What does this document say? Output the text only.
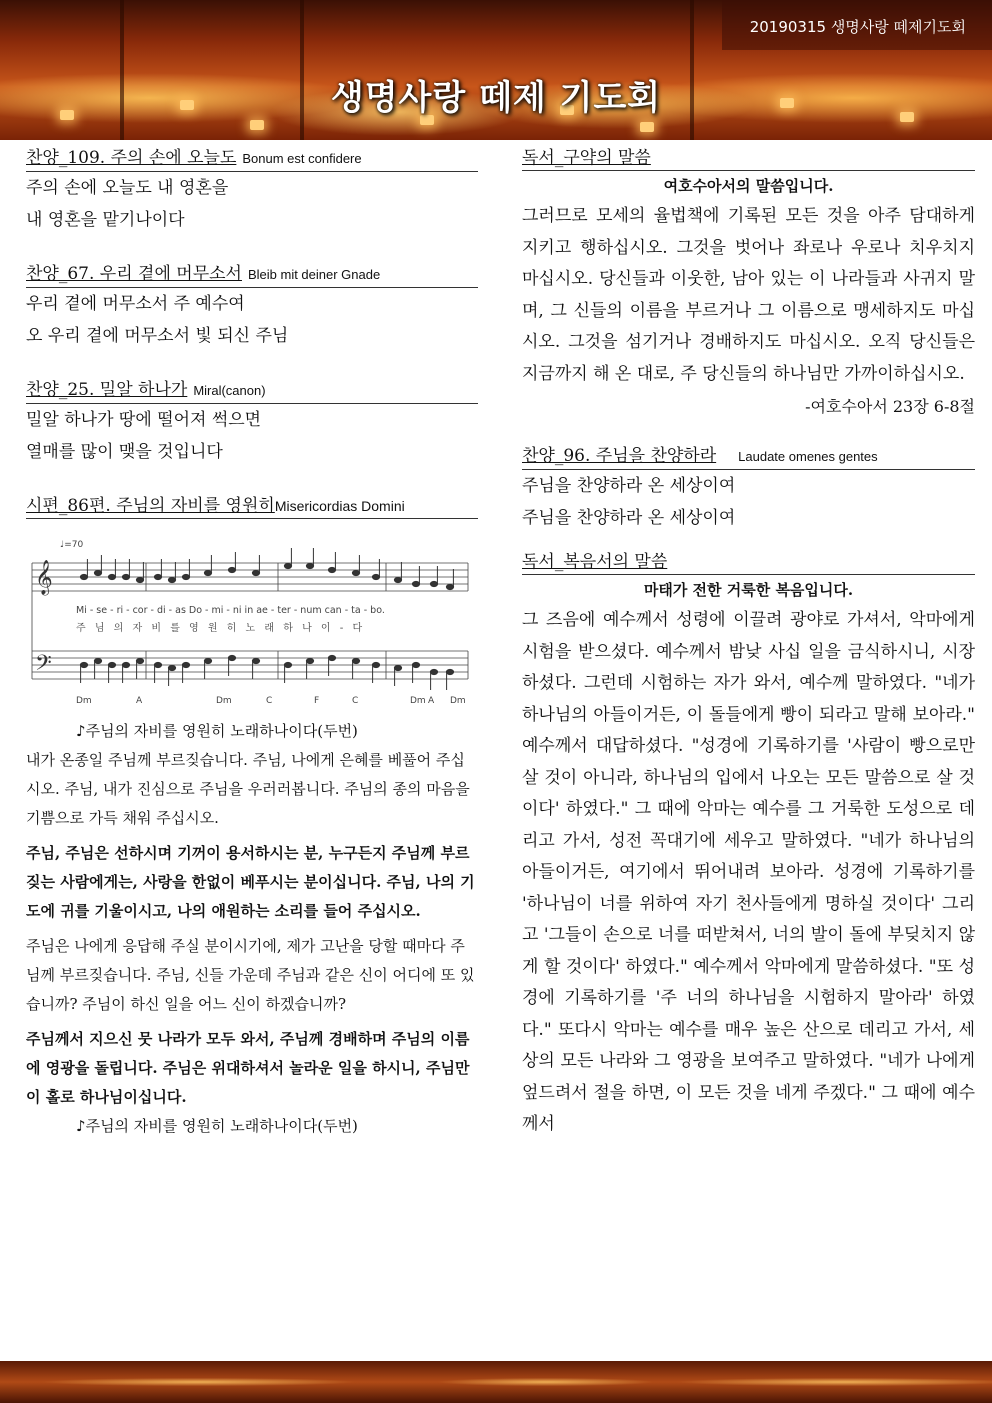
20190315 생명사랑 떼제기도회
생명사랑 떼제 기도회
찬양_109. 주의 손에 오늘도 Bonum est confidere
주의 손에 오늘도 내 영혼을
내 영혼을 맡기나이다
찬양_67. 우리 곁에 머무소서 Bleib mit deiner Gnade
우리 곁에 머무소서 주 예수여
오 우리 곁에 머무소서 빛 되신 주님
찬양_25. 밀알 하나가 Miral(canon)
밀알 하나가 땅에 떨어져 썩으면
열매를 많이 맺을 것입니다
시편_86편. 주님의 자비를 영원히Misericordias Domini
♩=70
𝄞
𝄢
Mi - se - ri - cor - di - as Do - mi - ni in ae - ter - num can - ta - bo.
주 님 의 자 비 를 영 원 히 노 래 하 나 이 - 다
Dm	A	Dm	C	F	C	Dm A Dm

♪주님의 자비를 영원히 노래하나이다(두번)

내가 온종일 주님께 부르짖습니다. 주님, 나에게 은혜를 베풀어 주십시오. 주님, 내가 진심으로 주님을 우러러봅니다. 주님의 종의 마음을 기쁨으로 가득 채워 주십시오.

주님, 주님은 선하시며 기꺼이 용서하시는 분, 누구든지 주님께 부르짖는 사람에게는, 사랑을 한없이 베푸시는 분이십니다. 주님, 나의 기도에 귀를 기울이시고, 나의 애원하는 소리를 들어 주십시오.

주님은 나에게 응답해 주실 분이시기에, 제가 고난을 당할 때마다 주님께 부르짖습니다. 주님, 신들 가운데 주님과 같은 신이 어디에 또 있습니까? 주님이 하신 일을 어느 신이 하겠습니까?

주님께서 지으신 뭇 나라가 모두 와서, 주님께 경배하며 주님의 이름에 영광을 돌립니다. 주님은 위대하셔서 놀라운 일을 하시니, 주님만이 홀로 하나님이십니다.

♪주님의 자비를 영원히 노래하나이다(두번)

독서_구약의 말씀
여호수아서의 말씀입니다.

그러므로 모세의 율법책에 기록된 모든 것을 아주 담대하게 지키고 행하십시오. 그것을 벗어나 좌로나 우로나 치우치지 마십시오. 당신들과 이웃한, 남아 있는 이 나라들과 사귀지 말며, 그 신들의 이름을 부르거나 그 이름으로 맹세하지도 마십시오. 그것을 섬기거나 경배하지도 마십시오. 오직 당신들은 지금까지 해 온 대로, 주 당신들의 하나님만 가까이하십시오.

-여호수아서 23장 6-8절
찬양_96. 주님을 찬양하라 Laudate omenes gentes
주님을 찬양하라 온 세상이여
주님을 찬양하라 온 세상이여
독서_복음서의 말씀
마태가 전한 거룩한 복음입니다.

그 즈음에 예수께서 성령에 이끌려 광야로 가셔서, 악마에게 시험을 받으셨다. 예수께서 밤낮 사십 일을 금식하시니, 시장하셨다. 그런데 시험하는 자가 와서, 예수께 말하였다. "네가 하나님의 아들이거든, 이 돌들에게 빵이 되라고 말해 보아라." 예수께서 대답하셨다. "성경에 기록하기를 '사람이 빵으로만 살 것이 아니라, 하나님의 입에서 나오는 모든 말씀으로 살 것이다' 하였다." 그 때에 악마는 예수를 그 거룩한 도성으로 데리고 가서, 성전 꼭대기에 세우고 말하였다. "네가 하나님의 아들이거든, 여기에서 뛰어내려 보아라. 성경에 기록하기를 '하나님이 너를 위하여 자기 천사들에게 명하실 것이다' 그리고 '그들이 손으로 너를 떠받쳐서, 너의 발이 돌에 부딪치지 않게 할 것이다' 하였다." 예수께서 악마에게 말씀하셨다. "또 성경에 기록하기를 '주 너의 하나님을 시험하지 말아라' 하였다." 또다시 악마는 예수를 매우 높은 산으로 데리고 가서, 세상의 모든 나라와 그 영광을 보여주고 말하였다. "네가 나에게 엎드려서 절을 하면, 이 모든 것을 네게 주겠다." 그 때에 예수께서
